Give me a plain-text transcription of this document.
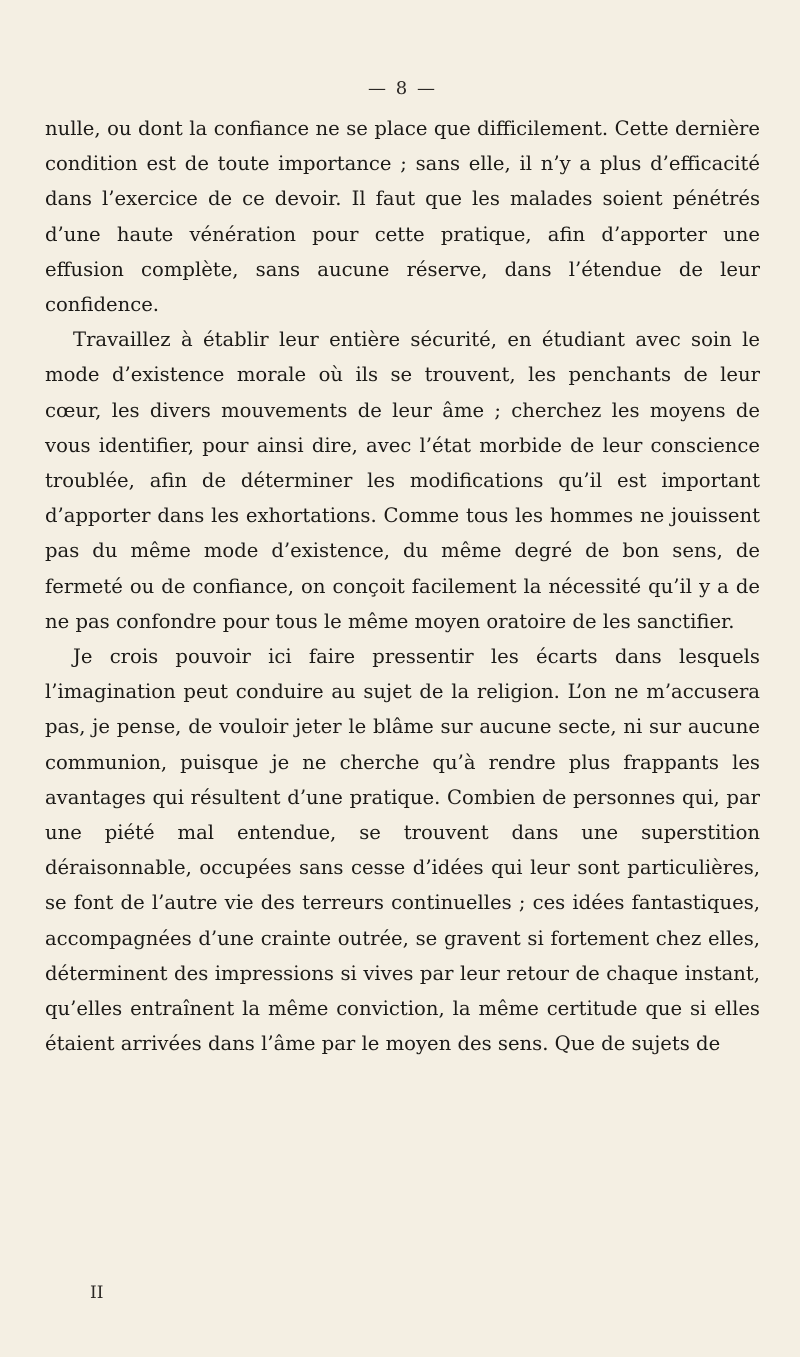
— 8 —

nulle, ou dont la confiance ne se place que difficilement. Cette dernière condition est de toute importance ; sans elle, il n’y a plus d’efficacité dans l’exercice de ce devoir. Il faut que les malades soient pénétrés d’une haute vénération pour cette pratique, afin d’apporter une effusion complète, sans aucune réserve, dans l’étendue de leur confidence.

Travaillez à établir leur entière sécurité, en étudiant avec soin le mode d’existence morale où ils se trouvent, les penchants de leur cœur, les divers mouvements de leur âme ; cherchez les moyens de vous identifier, pour ainsi dire, avec l’état morbide de leur conscience troublée, afin de déterminer les modifications qu’il est important d’apporter dans les exhortations. Comme tous les hommes ne jouissent pas du même mode d’existence, du même degré de bon sens, de fermeté ou de confiance, on conçoit facilement la nécessité qu’il y a de ne pas confondre pour tous le même moyen oratoire de les sanctifier.

Je crois pouvoir ici faire pressentir les écarts dans lesquels l’imagination peut conduire au sujet de la religion. L’on ne m’accusera pas, je pense, de vouloir jeter le blâme sur aucune secte, ni sur aucune communion, puisque je ne cherche qu’à rendre plus frappants les avantages qui résultent d’une pratique. Combien de personnes qui, par une piété mal entendue, se trouvent dans une superstition déraisonnable, occupées sans cesse d’idées qui leur sont particulières, se font de l’autre vie des terreurs continuelles ; ces idées fantastiques, accompagnées d’une crainte outrée, se gravent si fortement chez elles, déterminent des impressions si vives par leur retour de chaque instant, qu’elles entraînent la même conviction, la même certitude que si elles étaient arrivées dans l’âme par le moyen des sens. Que de sujets de

II
